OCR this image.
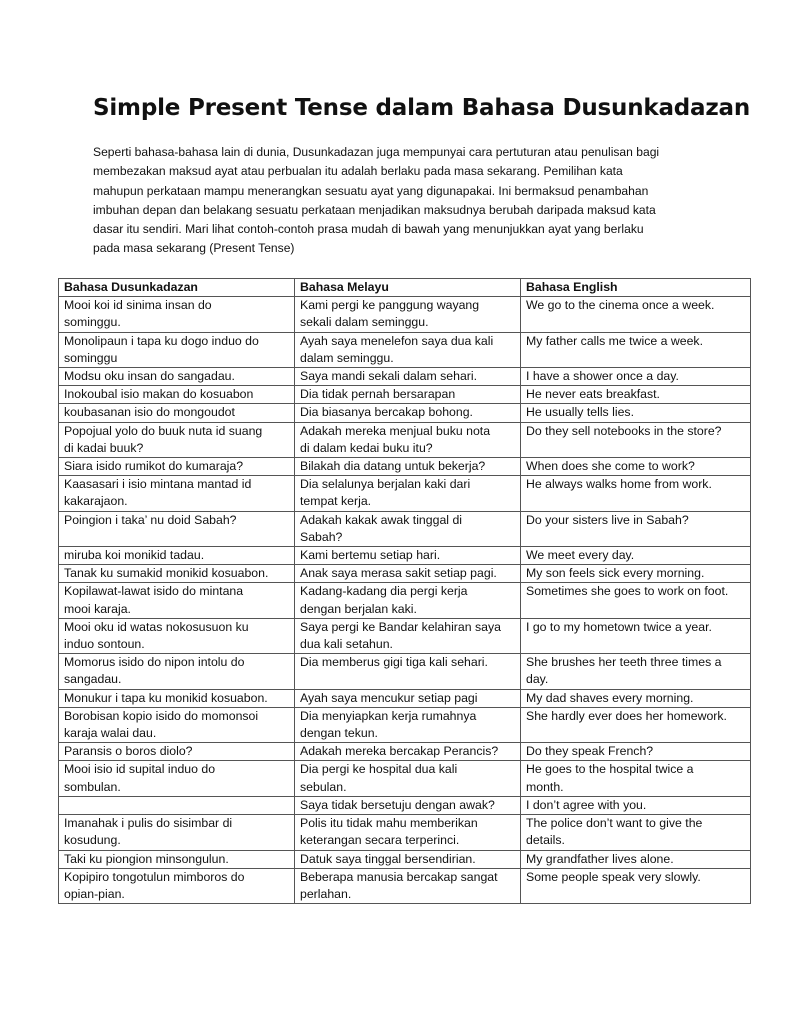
Simple Present Tense dalam Bahasa Dusunkadazan

Seperti bahasa-bahasa lain di dunia, Dusunkadazan juga mempunyai cara pertuturan atau penulisan bagi
membezakan maksud ayat atau perbualan itu adalah berlaku pada masa sekarang. Pemilihan kata
mahupun perkataan mampu menerangkan sesuatu ayat yang digunapakai. Ini bermaksud penambahan
imbuhan depan dan belakang sesuatu perkataan menjadikan maksudnya berubah daripada maksud kata
dasar itu sendiri. Mari lihat contoh-contoh prasa mudah di bawah yang menunjukkan ayat yang berlaku
pada masa sekarang (Present Tense)

Bahasa Dusunkadazan	Bahasa Melayu	Bahasa English

Mooi koi id sinima insan do
sominggu.	Kami pergi ke panggung wayang
sekali dalam seminggu.	We go to the cinema once a week.

Monolipaun i tapa ku dogo induo do
sominggu	Ayah saya menelefon saya dua kali
dalam seminggu.	My father calls me twice a week.

Modsu oku insan do sangadau.	Saya mandi sekali dalam sehari.	I have a shower once a day.

Inokoubal isio makan do kosuabon	Dia tidak pernah bersarapan	He never eats breakfast.

koubasanan isio do mongoudot	Dia biasanya bercakap bohong.	He usually tells lies.

Popojual yolo do buuk nuta id suang
di kadai buuk?	Adakah mereka menjual buku nota
di dalam kedai buku itu?	Do they sell notebooks in the store?

Siara isido rumikot do kumaraja?	Bilakah dia datang untuk bekerja?	When does she come to work?

Kaasasari i isio mintana mantad id
kakarajaon.	Dia selalunya berjalan kaki dari
tempat kerja.	He always walks home from work.

Poingion i taka’ nu doid Sabah?	Adakah kakak awak tinggal di
Sabah?	Do your sisters live in Sabah?

miruba koi monikid tadau.	Kami bertemu setiap hari.	We meet every day.

Tanak ku sumakid monikid kosuabon.	Anak saya merasa sakit setiap pagi.	My son feels sick every morning.

Kopilawat-lawat isido do mintana
mooi karaja.	Kadang-kadang dia pergi kerja
dengan berjalan kaki.	Sometimes she goes to work on foot.

Mooi oku id watas nokosusuon ku
induo sontoun.	Saya pergi ke Bandar kelahiran saya
dua kali setahun.	I go to my hometown twice a year.

Momorus isido do nipon intolu do
sangadau.	Dia memberus gigi tiga kali sehari.	She brushes her teeth three times a
day.

Monukur i tapa ku monikid kosuabon.	Ayah saya mencukur setiap pagi	My dad shaves every morning.

Borobisan kopio isido do momonsoi
karaja walai dau.	Dia menyiapkan kerja rumahnya
dengan tekun.	She hardly ever does her homework.

Paransis o boros diolo?	Adakah mereka bercakap Perancis?	Do they speak French?

Mooi isio id supital induo do
sombulan.	Dia pergi ke hospital dua kali
sebulan.	He goes to the hospital twice a
month.

	Saya tidak bersetuju dengan awak?	I don’t agree with you.

Imanahak i pulis do sisimbar di
kosudung.	Polis itu tidak mahu memberikan
keterangan secara terperinci.	The police don’t want to give the
details.

Taki ku piongion minsongulun.	Datuk saya tinggal bersendirian.	My grandfather lives alone.

Kopipiro tongotulun mimboros do
opian-pian.	Beberapa manusia bercakap sangat
perlahan.	Some people speak very slowly.
